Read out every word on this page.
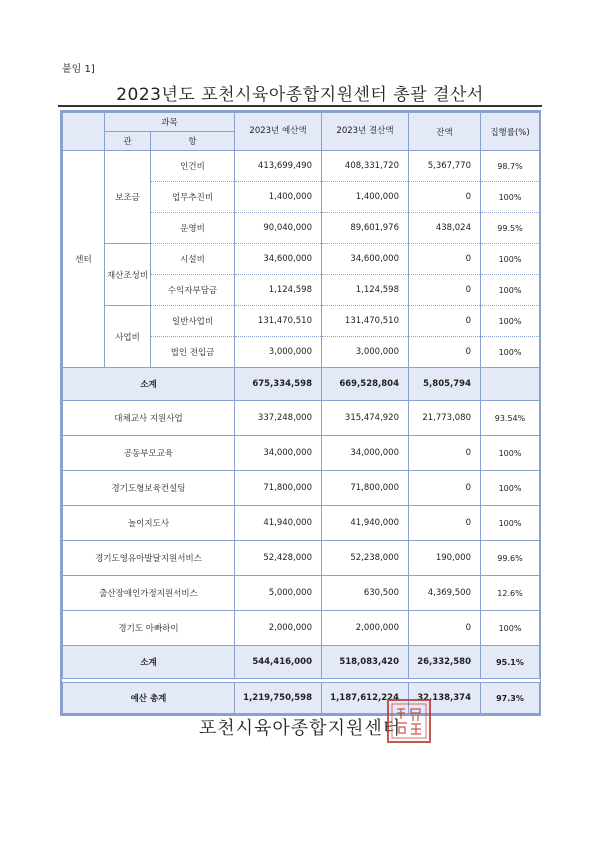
붙임 1]
2023년도 포천시육아종합지원센터 총괄 결산서
	과목		2023년 예산액	2023년 결산액	잔액	집행률(%)
	관	항				
센터	보조금	인건비	413,699,490	408,331,720	5,367,770	98.7%
		업무추진비	1,400,000	1,400,000	0	100%
		운영비	90,040,000	89,601,976	438,024	99.5%
	재산조성비	시설비	34,600,000	34,600,000	0	100%
		수익자부담금	1,124,598	1,124,598	0	100%
	사업비	일반사업비	131,470,510	131,470,510	0	100%
		법인 전입금	3,000,000	3,000,000	0	100%
소계			675,334,598	669,528,804	5,805,794	
대체교사 지원사업			337,248,000	315,474,920	21,773,080	93.54%
공동부모교육			34,000,000	34,000,000	0	100%
경기도형보육컨설팅			71,800,000	71,800,000	0	100%
놀이지도사			41,940,000	41,940,000	0	100%
경기도영유아발달지원서비스			52,428,000	52,238,000	190,000	99.6%
출산장애인가정지원서비스			5,000,000	630,500	4,369,500	12.6%
경기도 아빠하이			2,000,000	2,000,000	0	100%
소계			544,416,000	518,083,420	26,332,580	95.1%

예산 총계			1,219,750,598	1,187,612,224	32,138,374	97.3%
포천시육아종합지원센터
